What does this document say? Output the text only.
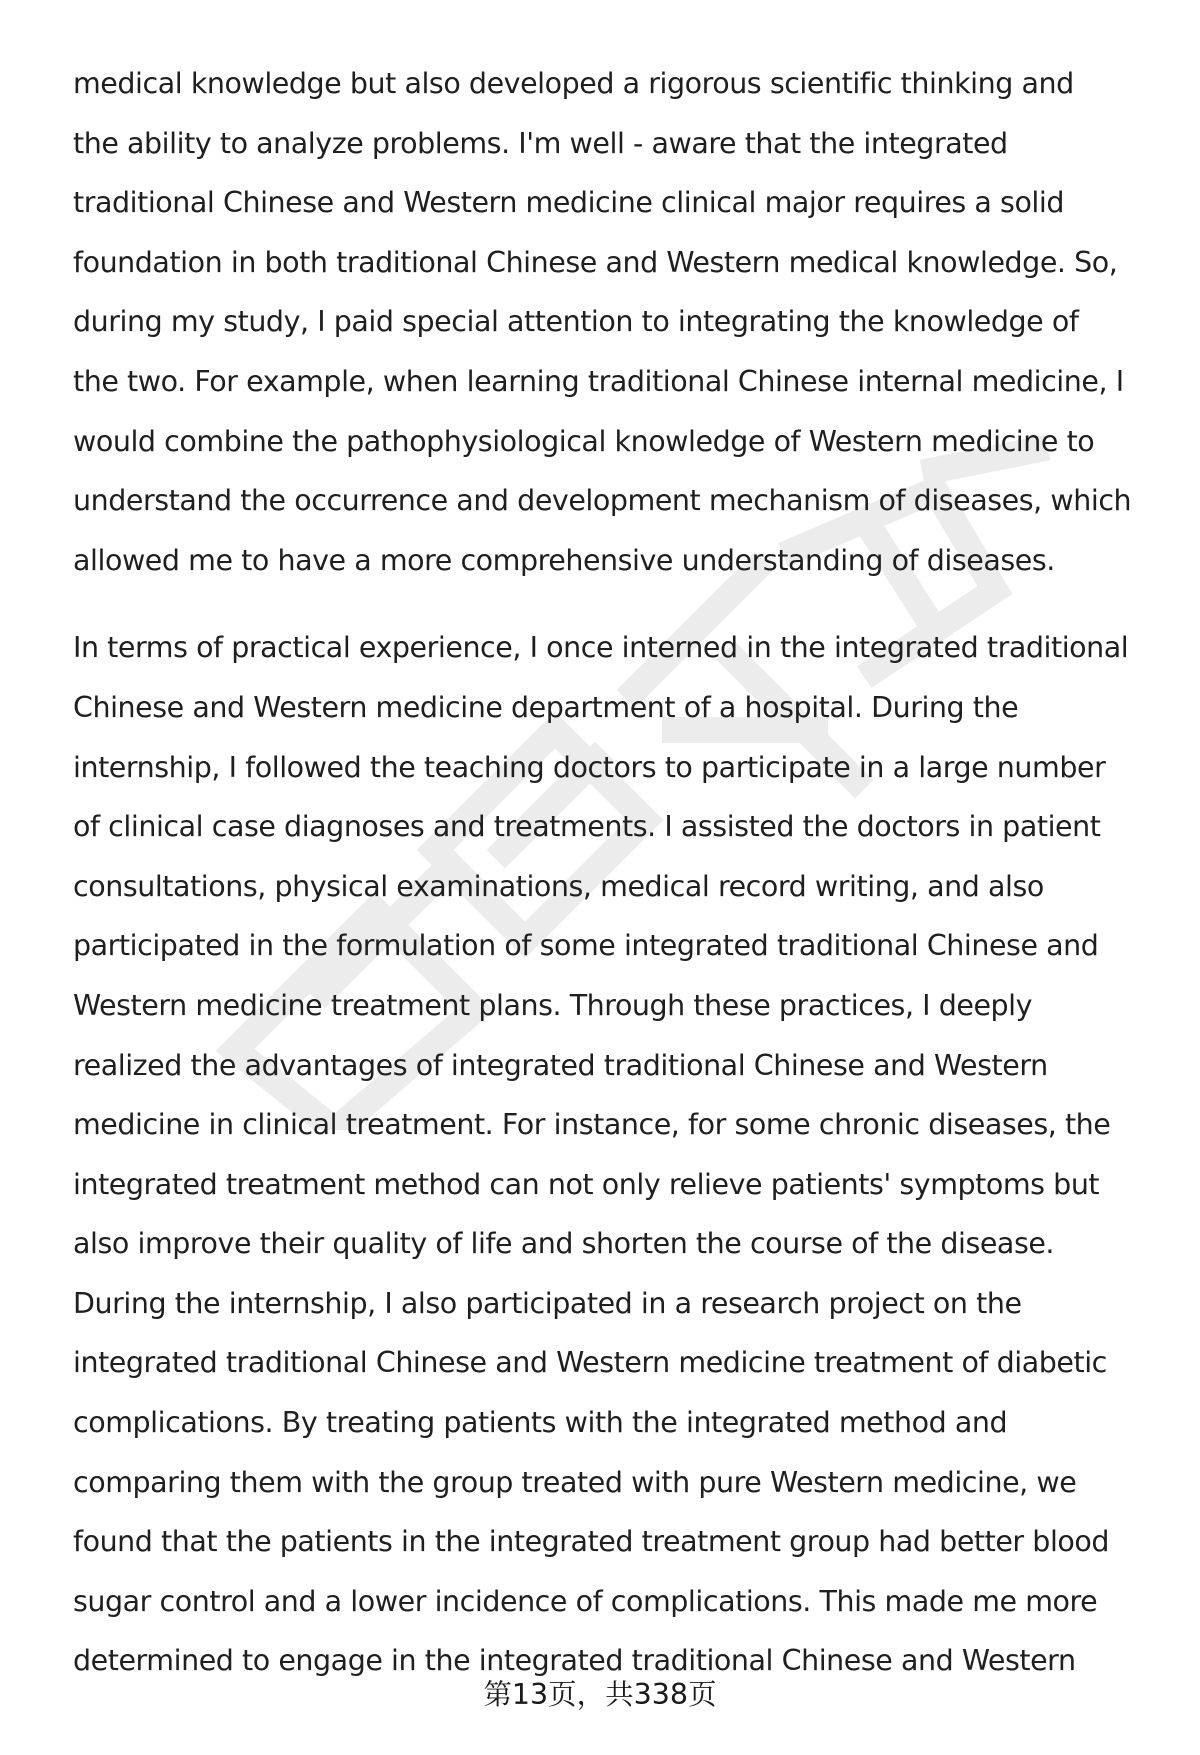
medical knowledge but also developed a rigorous scientific thinking and
the ability to analyze problems. I'm well - aware that the integrated
traditional Chinese and Western medicine clinical major requires a solid
foundation in both traditional Chinese and Western medical knowledge. So,
during my study, I paid special attention to integrating the knowledge of
the two. For example, when learning traditional Chinese internal medicine, I
would combine the pathophysiological knowledge of Western medicine to
understand the occurrence and development mechanism of diseases, which
allowed me to have a more comprehensive understanding of diseases.
In terms of practical experience, I once interned in the integrated traditional
Chinese and Western medicine department of a hospital. During the
internship, I followed the teaching doctors to participate in a large number
of clinical case diagnoses and treatments. I assisted the doctors in patient
consultations, physical examinations, medical record writing, and also
participated in the formulation of some integrated traditional Chinese and
Western medicine treatment plans. Through these practices, I deeply
realized the advantages of integrated traditional Chinese and Western
medicine in clinical treatment. For instance, for some chronic diseases, the
integrated treatment method can not only relieve patients' symptoms but
also improve their quality of life and shorten the course of the disease.
During the internship, I also participated in a research project on the
integrated traditional Chinese and Western medicine treatment of diabetic
complications. By treating patients with the integrated method and
comparing them with the group treated with pure Western medicine, we
found that the patients in the integrated treatment group had better blood
sugar control and a lower incidence of complications. This made me more
determined to engage in the integrated traditional Chinese and Western
第13页，共338页
